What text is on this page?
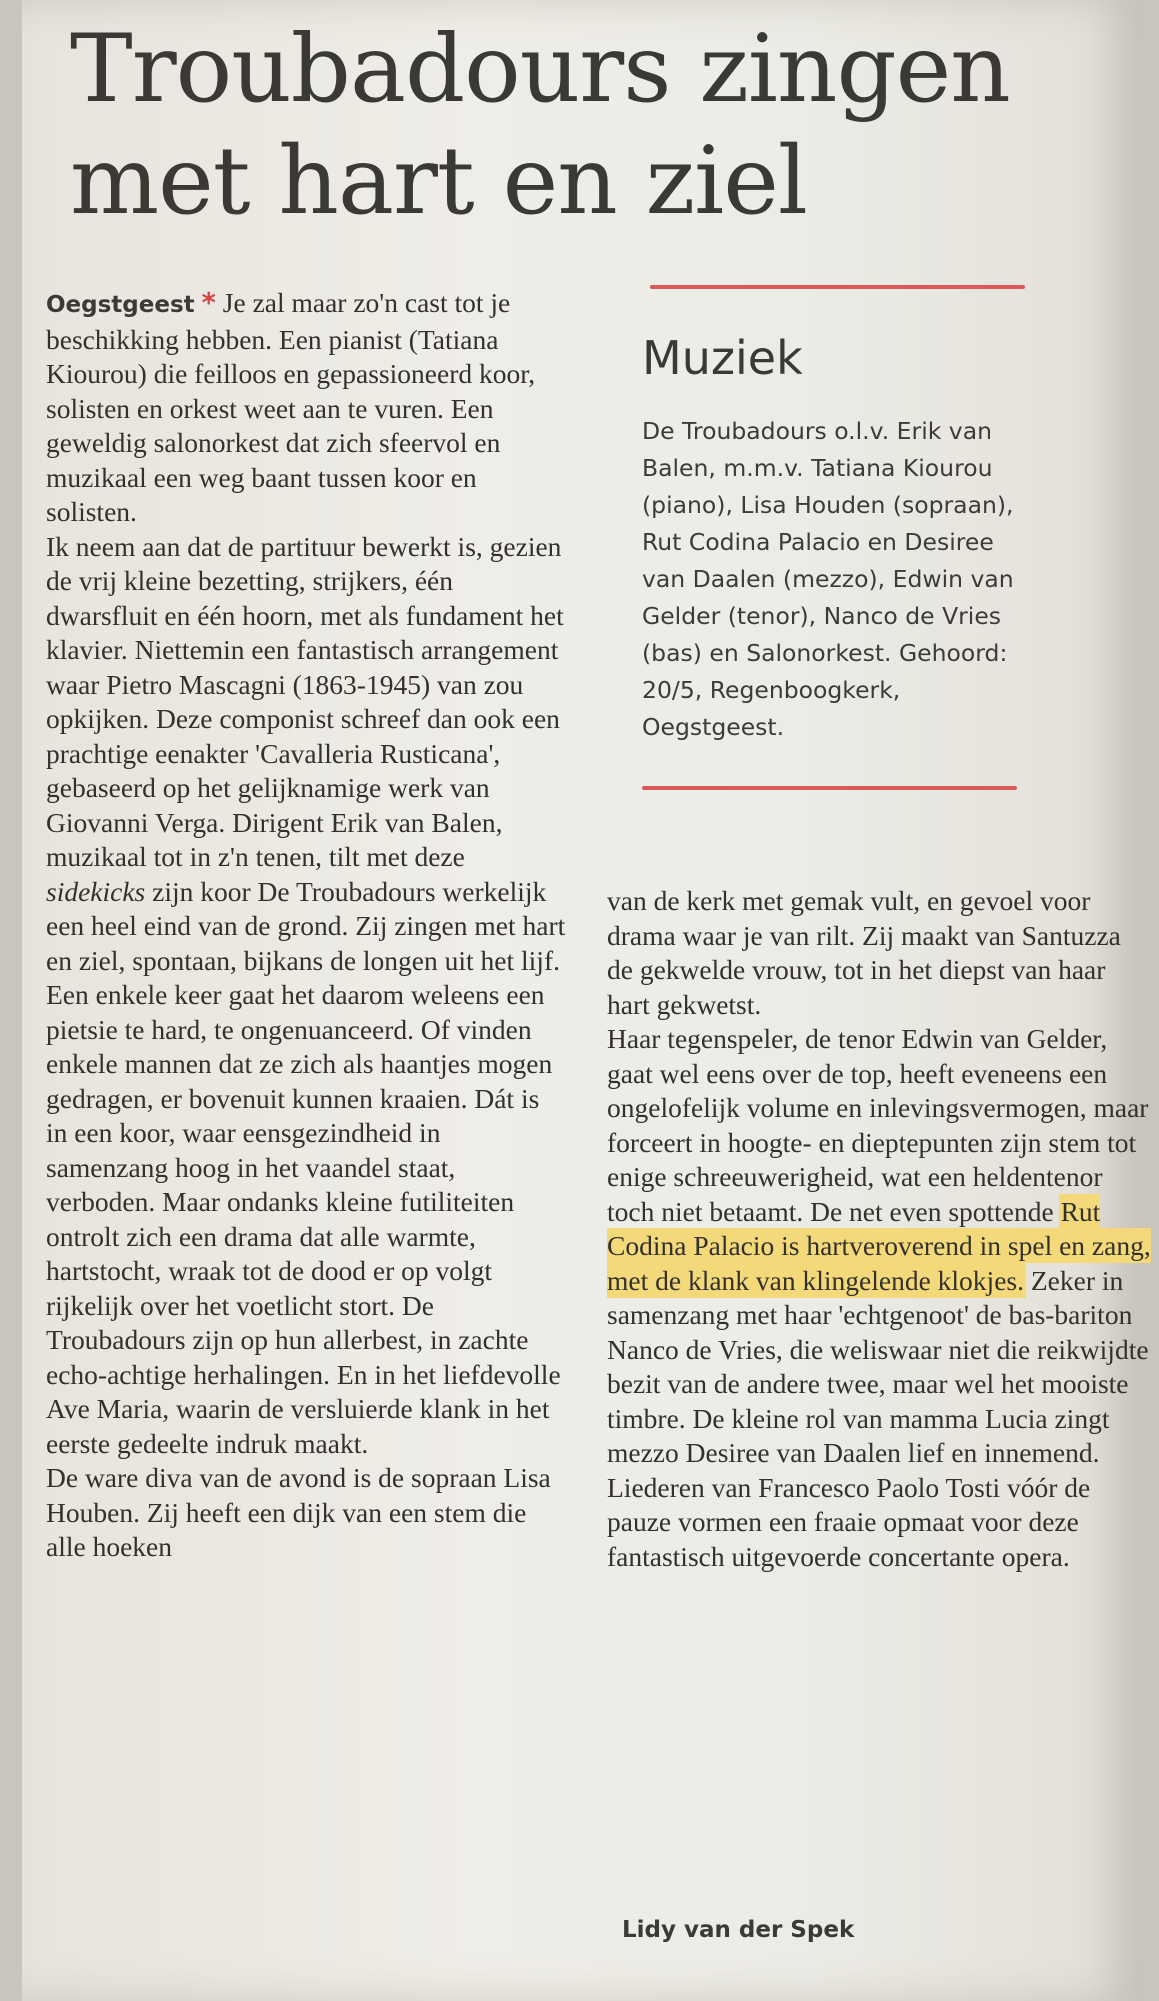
Troubadours zingen met hart en ziel

Oegstgeest * Je zal maar zo'n cast tot je beschikking hebben. Een pianist (Tatiana Kiourou) die feilloos en gepassioneerd koor, solisten en orkest weet aan te vuren. Een geweldig salonorkest dat zich sfeervol en muzikaal een weg baant tussen koor en solisten.

Ik neem aan dat de partituur bewerkt is, gezien de vrij kleine bezetting, strijkers, één dwarsfluit en één hoorn, met als fundament het klavier. Niettemin een fantastisch arrangement waar Pietro Mascagni (1863-1945) van zou opkijken. Deze componist schreef dan ook een prachtige eenakter 'Cavalleria Rusticana', gebaseerd op het gelijknamige werk van Giovanni Verga. Dirigent Erik van Balen, muzikaal tot in z'n tenen, tilt met deze sidekicks zijn koor De Troubadours werkelijk een heel eind van de grond. Zij zingen met hart en ziel, spontaan, bijkans de longen uit het lijf. Een enkele keer gaat het daarom weleens een pietsie te hard, te ongenuanceerd. Of vinden enkele mannen dat ze zich als haantjes mogen gedragen, er bovenuit kunnen kraaien. Dát is in een koor, waar eensgezindheid in samenzang hoog in het vaandel staat, verboden. Maar ondanks kleine futiliteiten ontrolt zich een drama dat alle warmte, hartstocht, wraak tot de dood er op volgt rijkelijk over het voetlicht stort. De Troubadours zijn op hun allerbest, in zachte echo-achtige herhalingen. En in het liefdevolle Ave Maria, waarin de versluierde klank in het eerste gedeelte indruk maakt.

De ware diva van de avond is de sopraan Lisa Houben. Zij heeft een dijk van een stem die alle hoeken

Muziek

De Troubadours o.l.v. Erik van Balen, m.m.v. Tatiana Kiourou (piano), Lisa Houden (sopraan), Rut Codina Palacio en Desiree van Daalen (mezzo), Edwin van Gelder (tenor), Nanco de Vries (bas) en Salonorkest. Gehoord: 20/5, Regenboogkerk, Oegstgeest.

van de kerk met gemak vult, en gevoel voor drama waar je van rilt. Zij maakt van Santuzza de gekwelde vrouw, tot in het diepst van haar hart gekwetst.

Haar tegenspeler, de tenor Edwin van Gelder, gaat wel eens over de top, heeft eveneens een ongelofelijk volume en inlevingsvermogen, maar forceert in hoogte- en dieptepunten zijn stem tot enige schreeuwerigheid, wat een heldentenor toch niet betaamt. De net even spottende Rut Codina Palacio is hartveroverend in spel en zang, met de klank van klingelende klokjes. Zeker in samenzang met haar 'echtgenoot' de bas-bariton Nanco de Vries, die weliswaar niet die reikwijdte bezit van de andere twee, maar wel het mooiste timbre. De kleine rol van mamma Lucia zingt mezzo Desiree van Daalen lief en innemend.

Liederen van Francesco Paolo Tosti vóór de pauze vormen een fraaie opmaat voor deze fantastisch uitgevoerde concertante opera.

Lidy van der Spek
